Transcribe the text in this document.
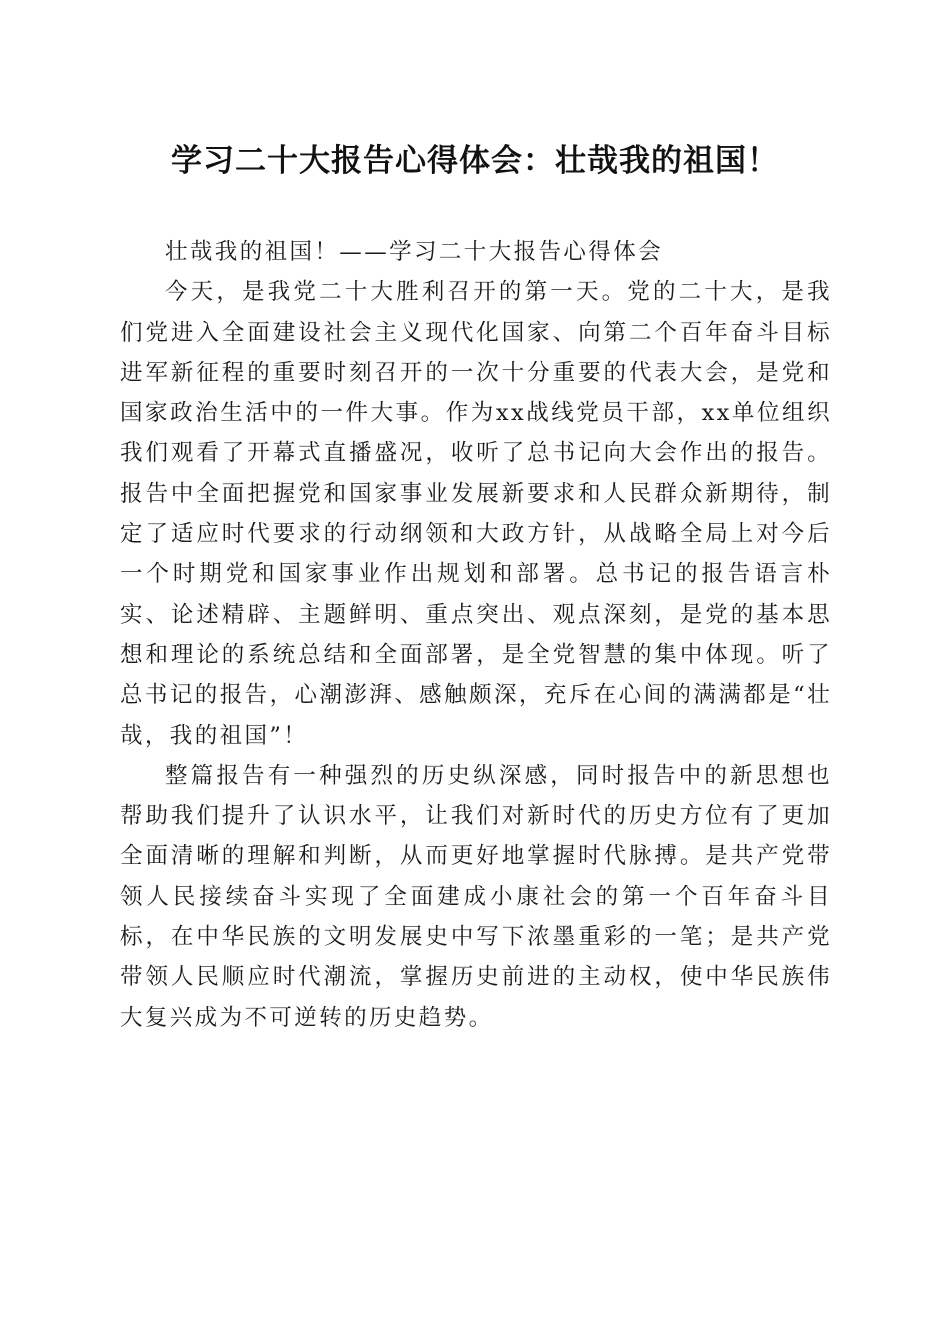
学习二十大报告心得体会：壮哉我的祖国！

壮哉我的祖国！——学习二十大报告心得体会

今天，是我党二十大胜利召开的第一天。党的二十大，是我们党进入全面建设社会主义现代化国家、向第二个百年奋斗目标进军新征程的重要时刻召开的一次十分重要的代表大会，是党和国家政治生活中的一件大事。作为xx战线党员干部，xx单位组织我们观看了开幕式直播盛况，收听了总书记向大会作出的报告。报告中全面把握党和国家事业发展新要求和人民群众新期待，制定了适应时代要求的行动纲领和大政方针，从战略全局上对今后一个时期党和国家事业作出规划和部署。总书记的报告语言朴实、论述精辟、主题鲜明、重点突出、观点深刻，是党的基本思想和理论的系统总结和全面部署，是全党智慧的集中体现。听了总书记的报告，心潮澎湃、感触颇深，充斥在心间的满满都是“壮哉，我的祖国”！

整篇报告有一种强烈的历史纵深感，同时报告中的新思想也帮助我们提升了认识水平，让我们对新时代的历史方位有了更加全面清晰的理解和判断，从而更好地掌握时代脉搏。是共产党带领人民接续奋斗实现了全面建成小康社会的第一个百年奋斗目标，在中华民族的文明发展史中写下浓墨重彩的一笔；是共产党带领人民顺应时代潮流，掌握历史前进的主动权，使中华民族伟大复兴成为不可逆转的历史趋势。
